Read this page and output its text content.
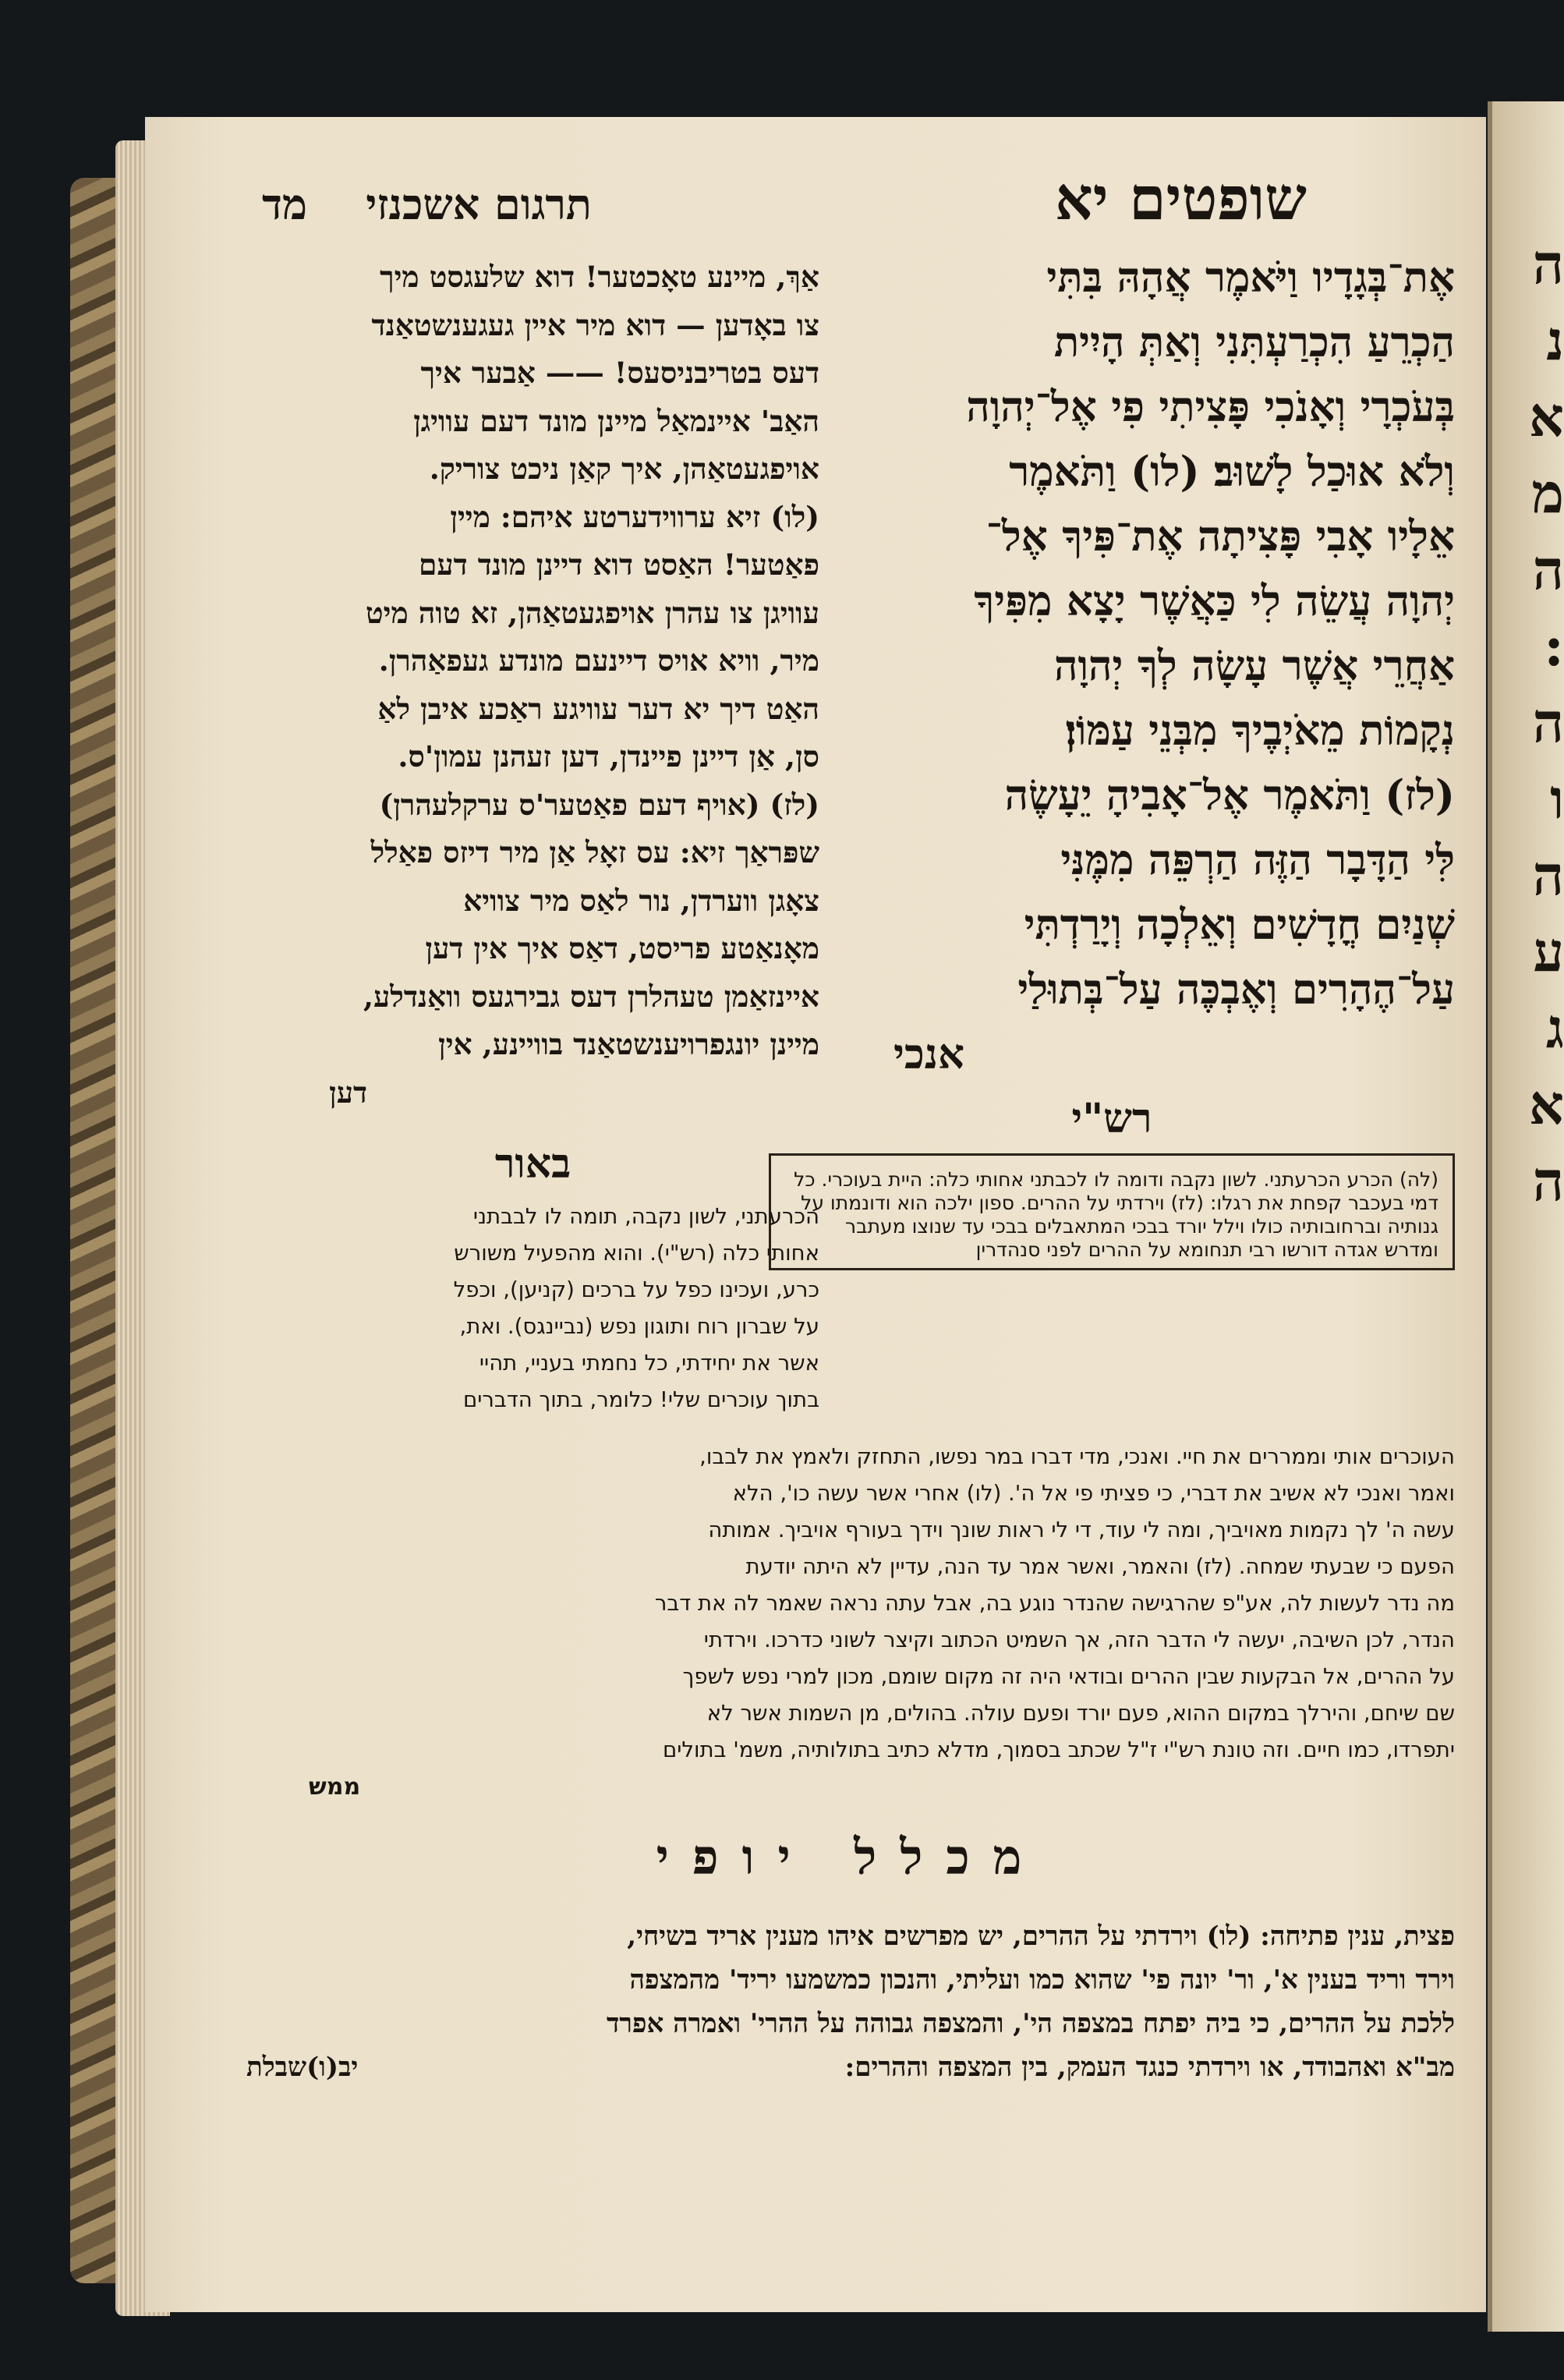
ה
נ
א
מ
ה
:
ה
ו
ה
ע
ג
א
ה
שופטים יא
תרגום אשכנזי    מד
אֶת־בְּגָדָיו וַיֹּאמֶר אֲהָהּ בִּתִּי
הַכְרֵעַ הִכְרַעְתִּנִי וְאַתְּ הָיִית
בְּעֹכְרָי וְאָנֹכִי פָּצִיתִי פִי אֶל־יְהוָה
וְלֹא אוּכַל לָשׁוּב׃ (לו) וַתֹּאמֶר
אֵלָיו אָבִי פָּצִיתָה אֶת־פִּיךָ אֶל־
יְהוָה עֲשֵׂה לִי כַּאֲשֶׁר יָצָא מִפִּיךָ
אַחֲרֵי אֲשֶׁר עָשָׂה לְךָ יְהוָה
נְקָמוֹת מֵאֹיְבֶיךָ מִבְּנֵי עַמּוֹן׃
(לז) וַתֹּאמֶר אֶל־אָבִיהָ יֵעָשֶׂה
לִּי הַדָּבָר הַזֶּה הַרְפֵּה מִמֶּנִּי
שְׁנַיִם חֳדָשִׁים וְאֵלְכָה וְיָרַדְתִּי
עַל־הֶהָרִים וְאֶבְכֶּה עַל־בְּתוּלַי
אנכי
רש"י
(לה) הכרע הכרעתני. לשון נקבה ודומה לו לכבתני אחותי כלה: היית בעוכרי. כל דמי בעכבר קפחת את רגלו: (לז) וירדתי על ההרים. ספון ילכה הוא ודונמתו על גנותיה וברחובותיה כולו וילל יורד בבכי המתאבלים בבכי עד שנוצו מעתבר ומדרש אגדה דורשו רבי תנחומא על ההרים לפני סנהדרין
אַךְ, מיינע טאָכטער! דוא שלעגסט מיך
צו באָדען — דוא מיר איין געגענשטאַנד
דעס בטריבניסעס! —— אַבער איך
האַב' איינמאַל מיינן מונד דעם עוויגן
אויפגעטאַהן, איך קאַן ניכט צוריק.
(לו) זיא ערווידערטע איהם: מיין
פאַטער! האַסט דוא דיינן מונד דעם
עוויגן צו עהרן אויפגעטאַהן, זא טוה מיט
מיר, וויא אויס דיינעם מונדע געפאַהרן.
האַט דיך יא דער עוויגע ראַכע איבן לאַ
סן, אַן דיינן פיינדן, דען זעהנן עמון'ס.
(לז) (אויף דעם פאַטער'ס ערקלעהרן)
שפּראַך זיא: עס זאָל אַן מיר דיזס פאַלל
צאָגן ווערדן, נור לאַס מיר צוויא
מאָנאַטע פריסט, דאַס איך אין דען
איינזאַמן טעהלרן דעס גבירגעס וואַנדלע,
מיינן יונגפרויענשטאַנד בוויינע, אין
דען
באור
הכרעתני, לשון נקבה, תומה לו לבבתני
אחותי כלה (רש"י). והוא מהפעיל משורש
כרע, ועכינו כפל על ברכים (קניען), וכפל
על שברון רוח ותוגון נפש (נביינגס). ואת,
אשר את יחידתי, כל נחמתי בעניי, תהיי
בתוך עוכרים שלי! כלומר, בתוך הדברים
העוכרים אותי וממררים את חיי. ואנכי, מדי דברו במר נפשו, התחזק ולאמץ את לבבו,
ואמר ואנכי לא אשיב את דברי, כי פציתי פי אל ה'. (לו) אחרי אשר עשה כו', הלא
עשה ה' לך נקמות מאויביך, ומה לי עוד, די לי ראות שונך וידך בעורף אויביך. אמותה
הפעם כי שבעתי שמחה. (לז) והאמר, ואשר אמר עד הנה, עדיין לא היתה יודעת
מה נדר לעשות לה, אע"פ שהרגישה שהנדר נוגע בה, אבל עתה נראה שאמר לה את דבר
הנדר, לכן השיבה, יעשה לי הדבר הזה, אך השמיט הכתוב וקיצר לשוני כדרכו. וירדתי
על ההרים, אל הבקעות שבין ההרים ובודאי היה זה מקום שומם, מכון למרי נפש לשפך
שם שיחם, והירלך במקום ההוא, פעם יורד ופעם עולה. בהולים, מן השמות אשר לא
יתפרדו, כמו חיים. וזה טונת רש"י ז"ל שכתב בסמוך, מדלא כתיב בתולותיה, משמ' בתולים
ממש
מכלל יופי
פצית, ענין פתיחה: (לו) וירדתי על ההרים, יש מפרשים איהו מענין אריד בשיחי,
וירד וריד בענין א', ור' יונה פי' שהוא כמו ועליתי, והנכון כמשמעו יריד' מהמצפה
ללכת על ההרים, כי ביה יפתח במצפה הי', והמצפה גבוהה על ההרי' ואמרה אפרד
מב"א ואהבודד, או וירדתי כנגד העמק, בין המצפה וההרים:
יב(ו)שבלת
